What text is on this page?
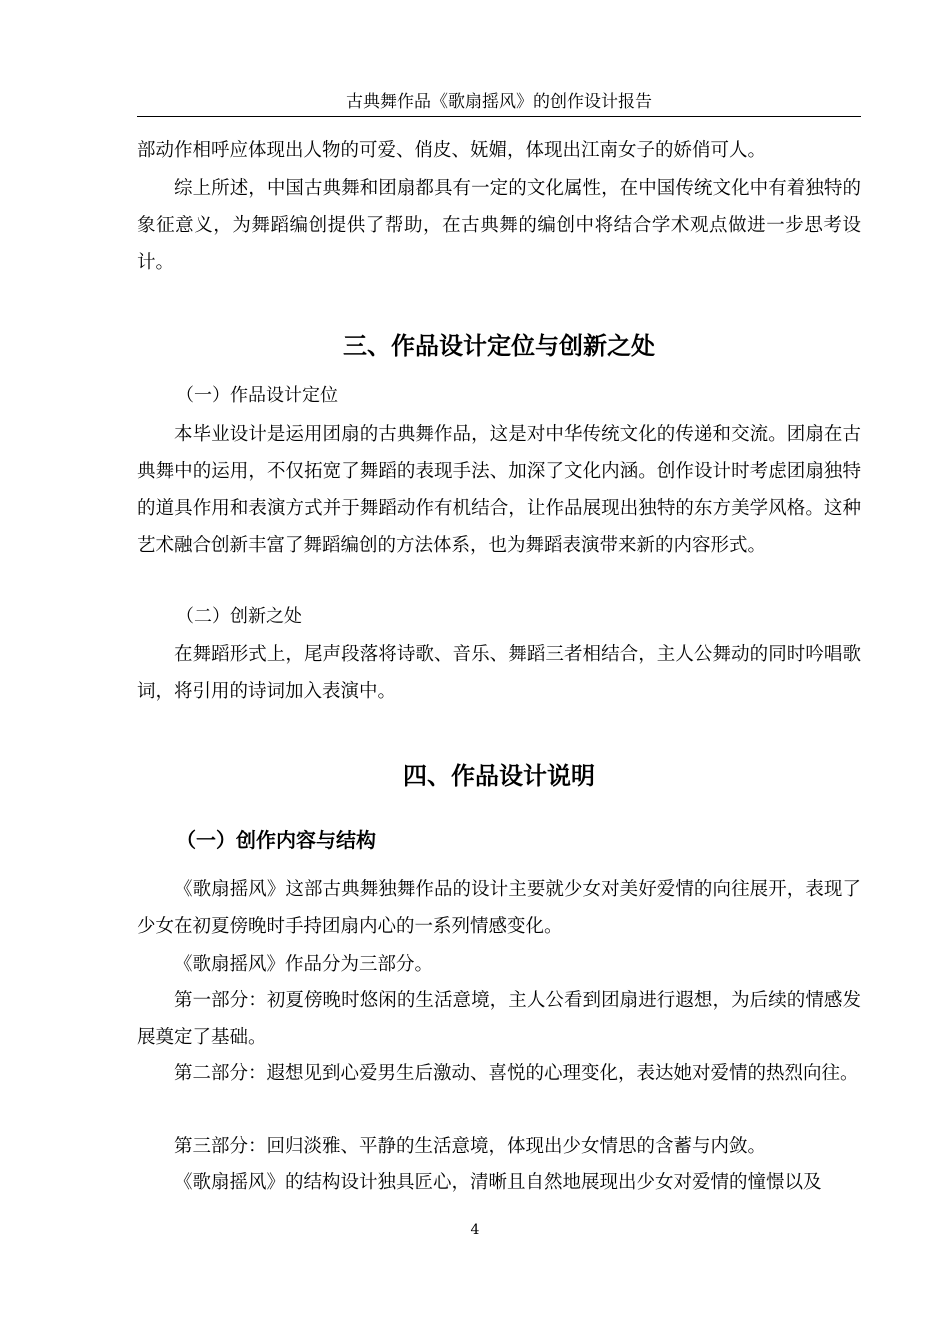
古典舞作品《歌扇摇风》的创作设计报告

部动作相呼应体现出人物的可爱、俏皮、妩媚，体现出江南女子的娇俏可人。

综上所述，中国古典舞和团扇都具有一定的文化属性，在中国传统文化中有着独特的象征意义，为舞蹈编创提供了帮助，在古典舞的编创中将结合学术观点做进一步思考设计。

三、作品设计定位与创新之处
（一）作品设计定位

本毕业设计是运用团扇的古典舞作品，这是对中华传统文化的传递和交流。团扇在古典舞中的运用，不仅拓宽了舞蹈的表现手法、加深了文化内涵。创作设计时考虑团扇独特的道具作用和表演方式并于舞蹈动作有机结合，让作品展现出独特的东方美学风格。这种艺术融合创新丰富了舞蹈编创的方法体系，也为舞蹈表演带来新的内容形式。

（二）创新之处

在舞蹈形式上，尾声段落将诗歌、音乐、舞蹈三者相结合，主人公舞动的同时吟唱歌词，将引用的诗词加入表演中。

四、作品设计说明
（一）创作内容与结构

《歌扇摇风》这部古典舞独舞作品的设计主要就少女对美好爱情的向往展开，表现了少女在初夏傍晚时手持团扇内心的一系列情感变化。

《歌扇摇风》作品分为三部分。

第一部分：初夏傍晚时悠闲的生活意境，主人公看到团扇进行遐想，为后续的情感发展奠定了基础。

第二部分：遐想见到心爱男生后激动、喜悦的心理变化，表达她对爱情的热烈向往。

第三部分：回归淡雅、平静的生活意境，体现出少女情思的含蓄与内敛。

《歌扇摇风》的结构设计独具匠心，清晰且自然地展现出少女对爱情的憧憬以及

4
